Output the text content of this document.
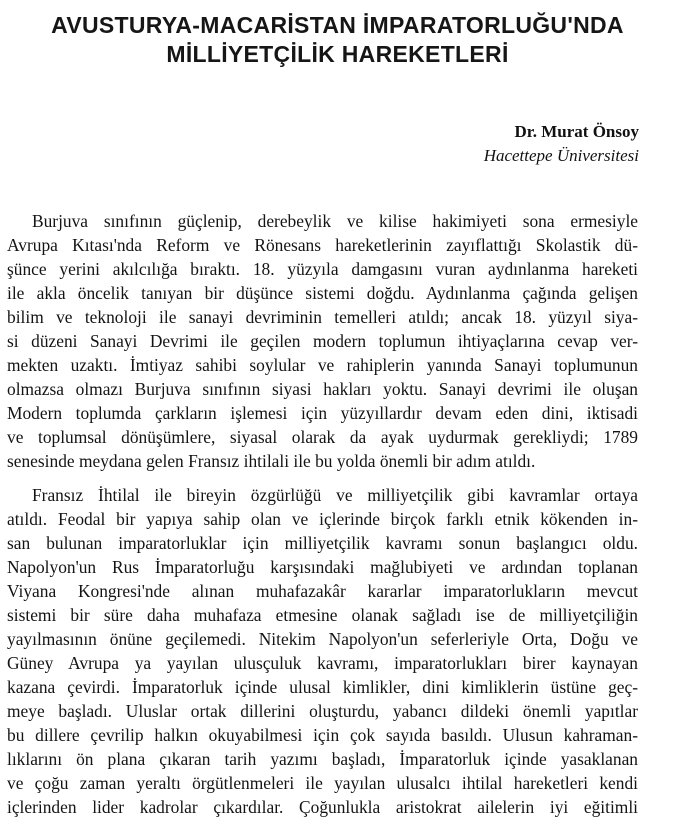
AVUSTURYA-MACARİSTAN İMPARATORLUĞU'NDA
MİLLİYETÇİLİK HAREKETLERİ
Dr. Murat Önsoy
Hacettepe Üniversitesi
Burjuva sınıfının güçlenip, derebeylik ve kilise hakimiyeti sona ermesiyle
Avrupa Kıtası'nda Reform ve Rönesans hareketlerinin zayıflattığı Skolastik dü-
şünce yerini akılcılığa bıraktı. 18. yüzyıla damgasını vuran aydınlanma hareketi
ile akla öncelik tanıyan bir düşünce sistemi doğdu. Aydınlanma çağında gelişen
bilim ve teknoloji ile sanayi devriminin temelleri atıldı; ancak 18. yüzyıl siya-
si düzeni Sanayi Devrimi ile geçilen modern toplumun ihtiyaçlarına cevap ver-
mekten uzaktı. İmtiyaz sahibi soylular ve rahiplerin yanında Sanayi toplumunun
olmazsa olmazı Burjuva sınıfının siyasi hakları yoktu. Sanayi devrimi ile oluşan
Modern toplumda çarkların işlemesi için yüzyıllardır devam eden dini, iktisadi
ve toplumsal dönüşümlere, siyasal olarak da ayak uydurmak gerekliydi; 1789
senesinde meydana gelen Fransız ihtilali ile bu yolda önemli bir adım atıldı.
Fransız İhtilal ile bireyin özgürlüğü ve milliyetçilik gibi kavramlar ortaya
atıldı. Feodal bir yapıya sahip olan ve içlerinde birçok farklı etnik kökenden in-
san bulunan imparatorluklar için milliyetçilik kavramı sonun başlangıcı oldu.
Napolyon'un Rus İmparatorluğu karşısındaki mağlubiyeti ve ardından toplanan
Viyana Kongresi'nde alınan muhafazakâr kararlar imparatorlukların mevcut
sistemi bir süre daha muhafaza etmesine olanak sağladı ise de milliyetçiliğin
yayılmasının önüne geçilemedi. Nitekim Napolyon'un seferleriyle Orta, Doğu ve
Güney Avrupa ya yayılan ulusçuluk kavramı, imparatorlukları birer kaynayan
kazana çevirdi. İmparatorluk içinde ulusal kimlikler, dini kimliklerin üstüne geç-
meye başladı. Uluslar ortak dillerini oluşturdu, yabancı dildeki önemli yapıtlar
bu dillere çevrilip halkın okuyabilmesi için çok sayıda basıldı. Ulusun kahraman-
lıklarını ön plana çıkaran tarih yazımı başladı, İmparatorluk içinde yasaklanan
ve çoğu zaman yeraltı örgütlenmeleri ile yayılan ulusalcı ihtilal hareketleri kendi
içlerinden lider kadrolar çıkardılar. Çoğunlukla aristokrat ailelerin iyi eğitimli
